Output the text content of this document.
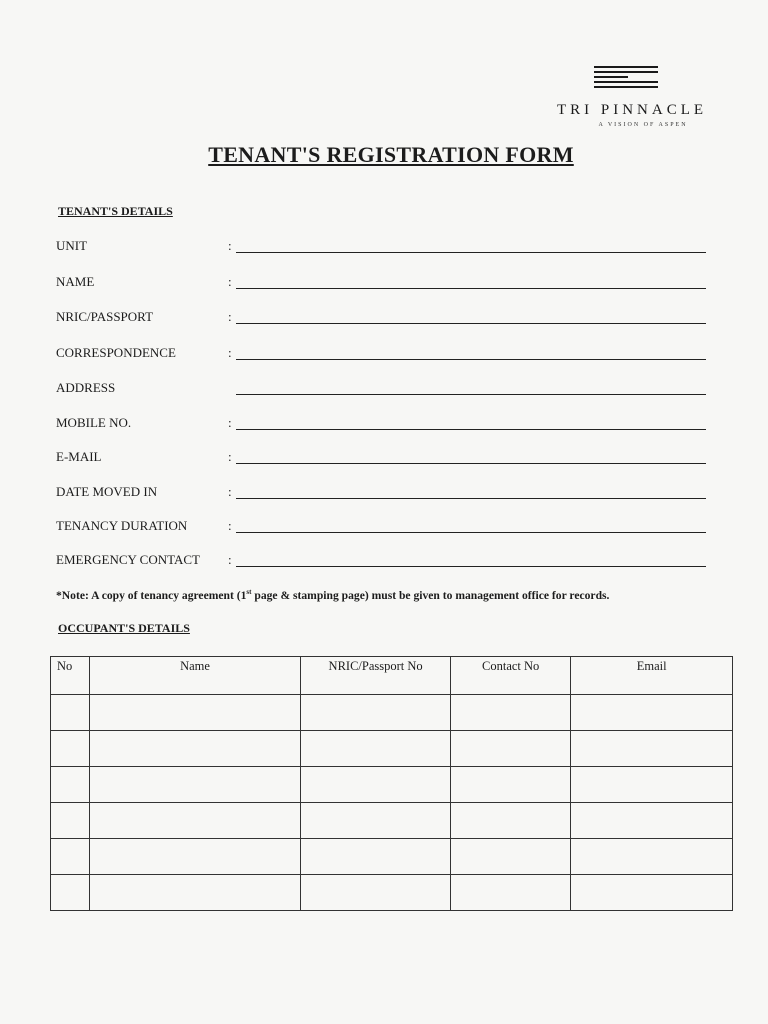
TRI PINNACLE
A VISION OF ASPEN
TENANT'S REGISTRATION FORM
TENANT'S DETAILS
UNIT	:
NAME	:
NRIC/PASSPORT	:
CORRESPONDENCE	:
ADDRESS
MOBILE NO.	:
E-MAIL	:
DATE MOVED IN	:
TENANCY DURATION	:
EMERGENCY CONTACT :
*Note: A copy of tenancy agreement (1st page & stamping page) must be given to management office for records.
OCCUPANT'S DETAILS
No	Name	NRIC/Passport No	Contact No	Email
